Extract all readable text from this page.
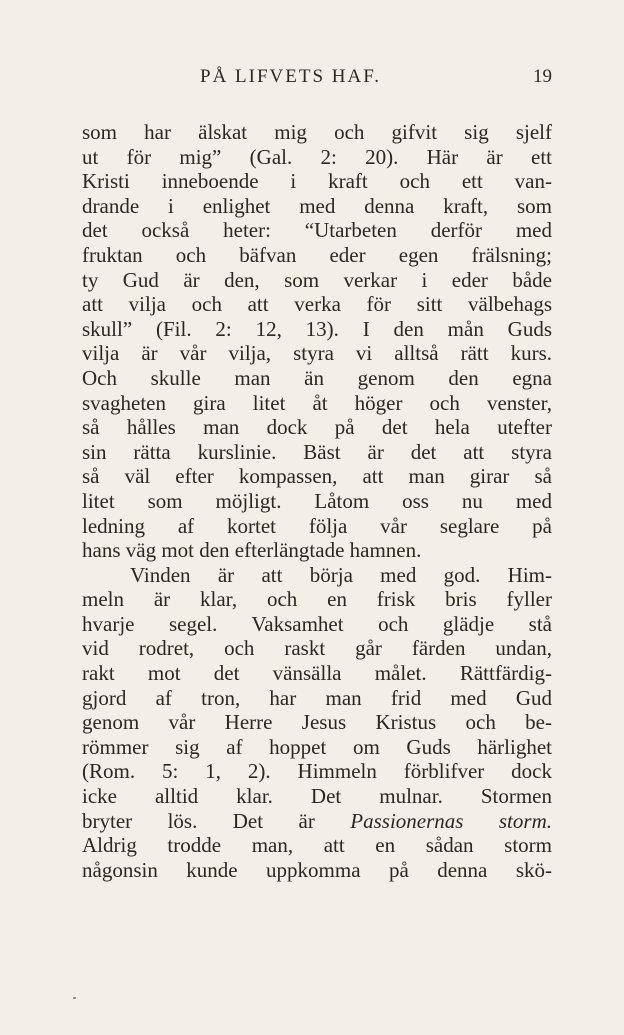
PÅ LIFVETS HAF.	19
som har älskat mig och gifvit sig sjelf
ut för mig” (Gal. 2: 20). Här är ett
Kristi inneboende i kraft och ett van-
drande i enlighet med denna kraft, som
det också heter: “Utarbeten derför med
fruktan och bäfvan eder egen frälsning;
ty Gud är den, som verkar i eder både
att vilja och att verka för sitt välbehags
skull” (Fil. 2: 12, 13). I den mån Guds
vilja är vår vilja, styra vi alltså rätt kurs.
Och skulle man än genom den egna
svagheten gira litet åt höger och venster,
så hålles man dock på det hela utefter
sin rätta kurslinie. Bäst är det att styra
så väl efter kompassen, att man girar så
litet som möjligt. Låtom oss nu med
ledning af kortet följa vår seglare på
hans väg mot den efterlängtade hamnen.
Vinden är att börja med god. Him-
meln är klar, och en frisk bris fyller
hvarje segel. Vaksamhet och glädje stå
vid rodret, och raskt går färden undan,
rakt mot det vänsälla målet. Rättfärdig-
gjord af tron, har man frid med Gud
genom vår Herre Jesus Kristus och be-
römmer sig af hoppet om Guds härlighet
(Rom. 5: 1, 2). Himmeln förblifver dock
icke alltid klar. Det mulnar. Stormen
bryter lös. Det är Passionernas storm.
Aldrig trodde man, att en sådan storm
någonsin kunde uppkomma på denna skö-
